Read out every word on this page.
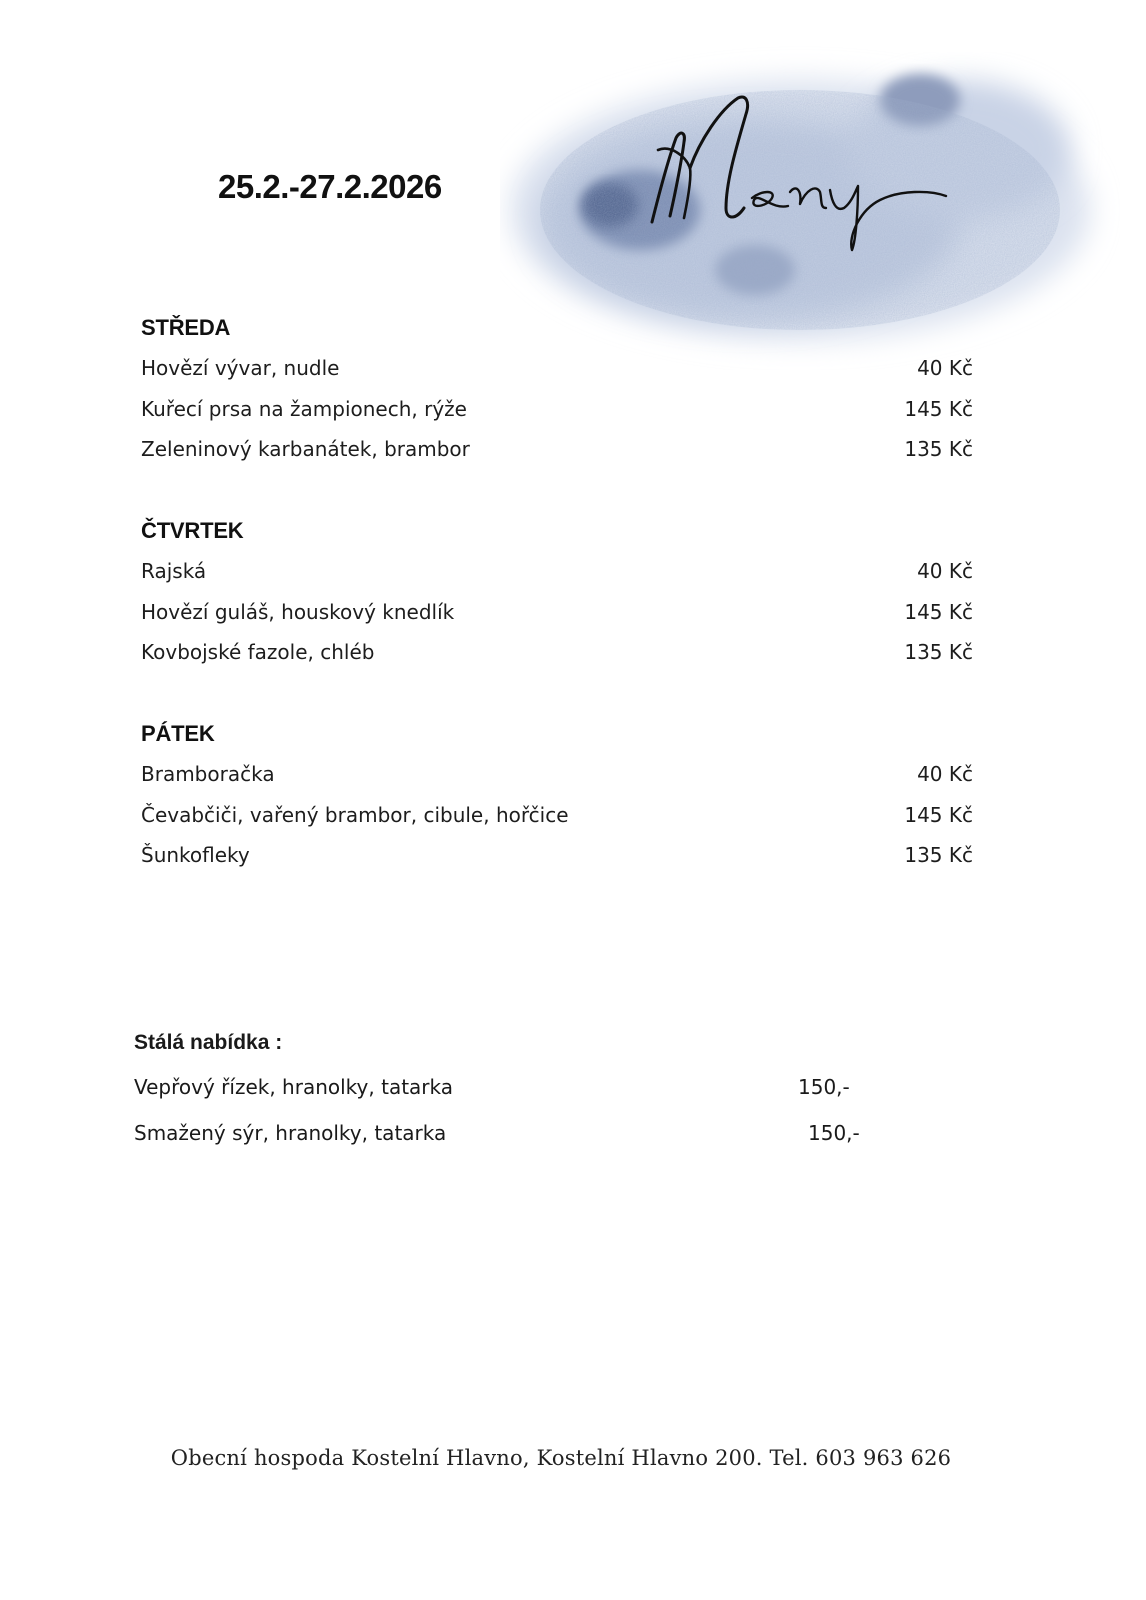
25.2.-27.2.2026
STŘEDA
Hovězí vývar, nudle	40 Kč
Kuřecí prsa na žampionech, rýže	145 Kč
Zeleninový karbanátek, brambor	135 Kč
ČTVRTEK
Rajská	40 Kč
Hovězí guláš, houskový knedlík	145 Kč
Kovbojské fazole, chléb	135 Kč
PÁTEK
Bramboračka	40 Kč
Čevabčiči, vařený brambor, cibule, hořčice	145 Kč
Šunkofleky	135 Kč
Stálá nabídka :
Vepřový řízek, hranolky, tatarka	150,-
Smažený sýr, hranolky, tatarka	150,-
Obecní hospoda Kostelní Hlavno, Kostelní Hlavno 200. Tel. 603 963 626
